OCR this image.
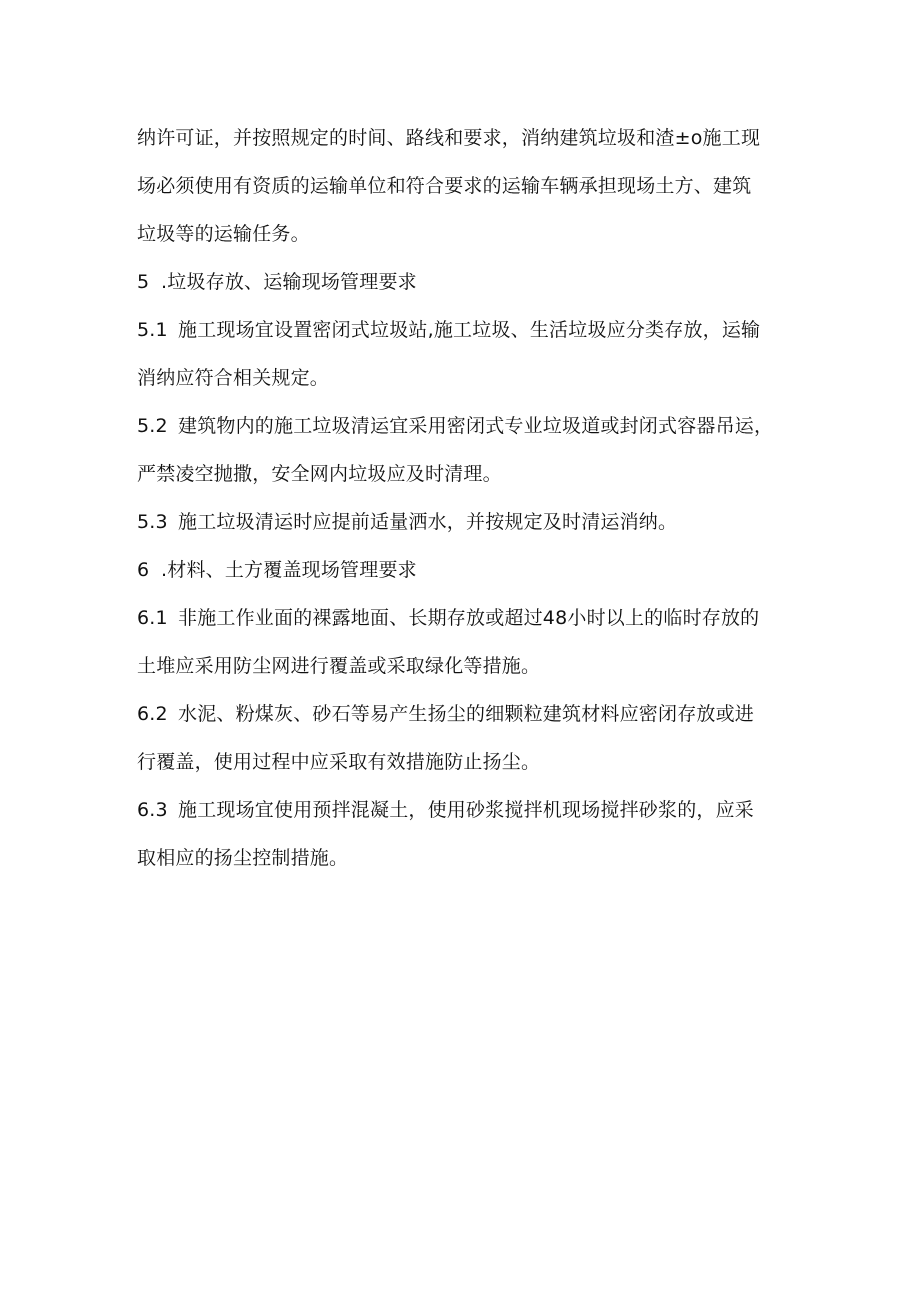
纳许可证，并按照规定的时间、路线和要求，消纳建筑垃圾和渣±o施工现
场必须使用有资质的运输单位和符合要求的运输车辆承担现场土方、建筑
垃圾等的运输任务。
5 .垃圾存放、运输现场管理要求
5.1 施工现场宜设置密闭式垃圾站,施工垃圾、生活垃圾应分类存放，运输
消纳应符合相关规定。
5.2 建筑物内的施工垃圾清运宜采用密闭式专业垃圾道或封闭式容器吊运，
严禁凌空抛撒，安全网内垃圾应及时清理。
5.3 施工垃圾清运时应提前适量洒水，并按规定及时清运消纳。
6 .材料、土方覆盖现场管理要求
6.1 非施工作业面的裸露地面、长期存放或超过48小时以上的临时存放的
土堆应采用防尘网进行覆盖或采取绿化等措施。
6.2 水泥、粉煤灰、砂石等易产生扬尘的细颗粒建筑材料应密闭存放或进
行覆盖，使用过程中应采取有效措施防止扬尘。
6.3 施工现场宜使用预拌混凝土，使用砂浆搅拌机现场搅拌砂浆的，应采
取相应的扬尘控制措施。
